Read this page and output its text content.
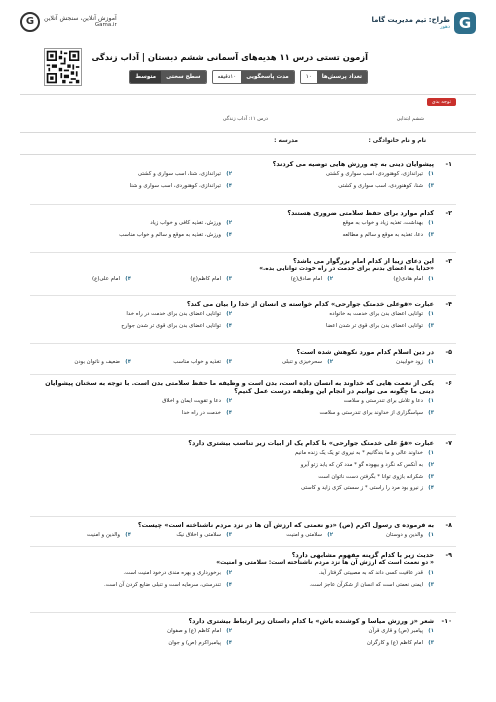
G
طراح: تیم مدیریت گاما
دهور
آموزش آنلاین، سنجش آنلاین
Gama.ir
G
آزمون تستی درس ۱۱ هدیه‌های آسمانی ششم دبستان | آداب زندگی
تعداد پرسش‌ها
۱۰
مدت پاسخگویی
۱۰دقیقه
سطح سختی
متوسط
توجه بدی
ششم ابتدایی
درس ۱۱: آداب زندگی
نام و نام خانوادگی :
مدرسه :
۱-
پیشوایان دینی به چه ورزش هایی توصیه می کردند؟
۱)
تیراندازی، کوهنوردی، اسب سواری و کشتی
۲)
تیراندازی، شنا، اسب سواری و کشتی
۳)
شنا، کوهنوردی، اسب سواری و کشتی
۴)
تیراندازی، کوهنوردی، اسب سواری و شنا
۲-
کدام موارد برای حفظ سلامتی ضروری هستند؟
۱)
بهداشت، تغذیه زیاد و خواب به موقع
۲)
ورزش، تغذیه کافی و خواب زیاد
۳)
دعا، تغذیه به موقع و سالم و مطالعه
۴)
ورزش، تغذیه به موقع و سالم و خواب مناسب
۳-
این دعای زیبا از کدام امام بزرگوار می باشد؟
«خدایا به اعضای بدنم برای خدمت در راه خودت توانایی بده.»
۱)
امام هادی(ع)
۲)
امام صادق(ع)
۳)
امام کاظم(ع)
۴)
امام علی(ع)
۴-
عبارت «قوعلی خدمتک جوارحی» کدام خواسته ی انسان از خدا را بیان می کند؟
۱)
توانایی اعضای بدن برای خدمت به خانواده
۲)
توانایی اعضای بدن برای خدمت در راه خدا
۳)
توانایی اعضای بدن برای قوی تر شدن اعضا
۴)
توانایی اعضای بدن برای قوی تر شدن جوارح
۵-
در دین اسلام کدام مورد نکوهش شده است؟
۱)
زود خوابیدن
۲)
سحرخیزی و تنبلی
۳)
تغذیه و خواب مناسب
۴)
ضعیف و ناتوان بودن
۶-
یکی از نعمت هایی که خداوند به انسان داده است، بدن است و وظیفه ما حفظ سلامتی بدن است. با توجه به سخنان پیشوایان دینی ما چگونه می توانیم در انجام این وظیفه درست عمل کنیم؟
۱)
دعا و تلاش برای تندرستی و سلامت
۲)
دعا و تقویت ایمان و اخلاق
۳)
سپاسگزاری از خداوند برای تندرستی و سلامت
۴)
خدمت در راه خدا
۷-
عبارت «قوّ علی خدمتک جوارحی» با کدام یک از ابیات زیر تناسب بیشتری دارد؟
۱)
خداوند عالی و ما بندگانیم * به نیروی تو یک یک زنده مانیم
۲)
به آنکس که نگرد و بیهوده گو * مدد کن که یابد زتو آبرو
۳)
شکرانه بازوی توانا * بگرفتن دست ناتوان است
۴)
ز نیرو بود مرد را راستی * ز سستی کژی زاید و کاستی
۸-
به فرموده ی رسول اکرم (ص) «دو نعمتی که ارزش آن ها در نزد مردم ناشناخته است» چیست؟
۱)
والدین و دوستان
۲)
سلامتی و امنیت
۳)
سلامتی و اخلاق نیک
۴)
والدین و امنیت
۹-
حدیث زیر با کدام گزینه مفهوم مشابهی دارد؟
« دو نعمت است که ارزش آن ها نزد مردم ناشناخته است: سلامتی و امنیت»
۱)
قدر عافیت کسی داند که به مصیبتی گرفتار آید.
۲)
برخورداری و بهره مندی درخود امنیت است.
۳)
ایمنی نعمتی است که انسان از شکرآن عاجز است.
۴)
تندرستی، سرمایه است و تنبلی ضایع کردن آن است.
۱۰-
شعر «ز ورزش میاسا و کوشنده باش» با کدام داستان زیر ارتباط بیشتری دارد؟
۱)
پیامبر (ص) و قاری قرآن
۲)
امام کاظم (ع) و صفوان
۳)
امام کاظم (ع) و کارگران
۴)
پیامبراکرم (ص) و جوان
